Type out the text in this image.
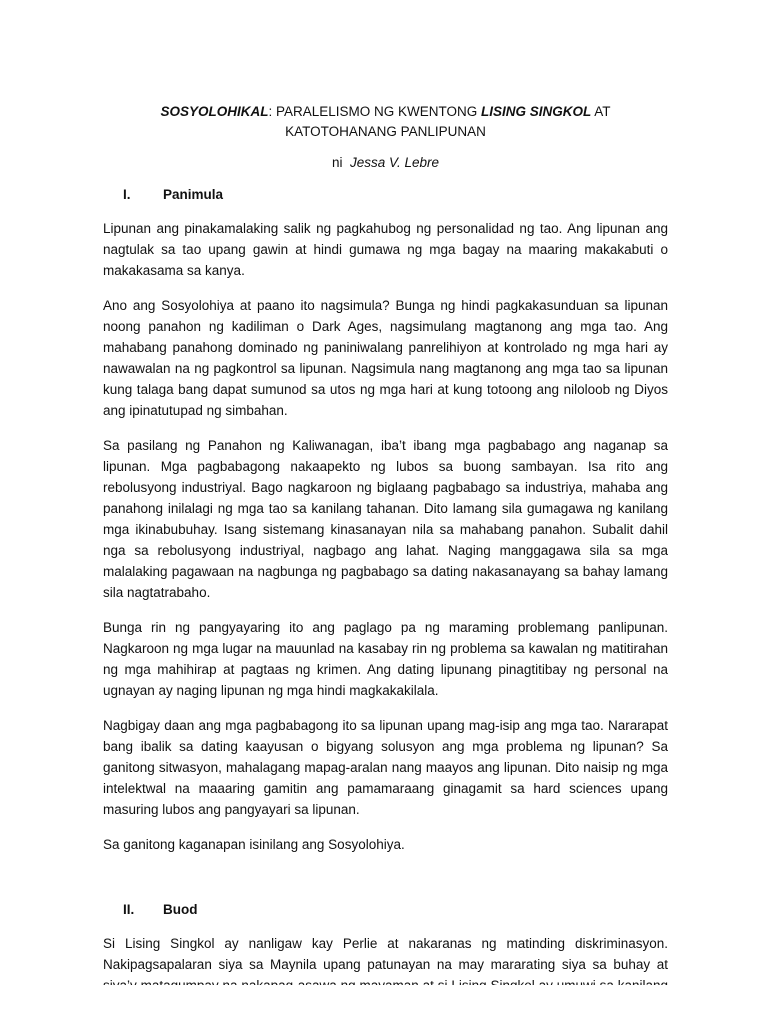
SOSYOLOHIKAL: PARALELISMO NG KWENTONG LISING SINGKOL AT KATOTOHANANG PANLIPUNAN

ni  Jessa V. Lebre

I.	Panimula

Lipunan ang pinakamalaking salik ng pagkahubog ng personalidad ng tao. Ang lipunan ang nagtulak sa tao upang gawin at hindi gumawa ng mga bagay na maaring makakabuti o makakasama sa kanya.

Ano ang Sosyolohiya at paano ito nagsimula? Bunga ng hindi pagkakasunduan sa lipunan noong panahon ng kadiliman o Dark Ages, nagsimulang magtanong ang mga tao. Ang mahabang panahong dominado ng paniniwalang panrelihiyon at kontrolado ng mga hari ay nawawalan na ng pagkontrol sa lipunan. Nagsimula nang magtanong ang mga tao sa lipunan kung talaga bang dapat sumunod sa utos ng mga hari at kung totoong ang niloloob ng Diyos ang ipinatutupad ng simbahan.

Sa pasilang ng Panahon ng Kaliwanagan, iba’t ibang mga pagbabago ang naganap sa lipunan. Mga pagbabagong nakaapekto ng lubos sa buong sambayan. Isa rito ang rebolusyong industriyal. Bago nagkaroon ng biglaang pagbabago sa industriya, mahaba ang panahong inilalagi ng mga tao sa kanilang tahanan. Dito lamang sila gumagawa ng kanilang mga ikinabubuhay. Isang sistemang kinasanayan nila sa mahabang panahon. Subalit dahil nga sa rebolusyong industriyal, nagbago ang lahat. Naging manggagawa sila sa mga malalaking pagawaan na nagbunga ng pagbabago sa dating nakasanayang sa bahay lamang sila nagtatrabaho.

Bunga rin ng pangyayaring ito ang paglago pa ng maraming problemang panlipunan. Nagkaroon ng mga lugar na mauunlad na kasabay rin ng problema sa kawalan ng matitirahan ng mga mahihirap at pagtaas ng krimen. Ang dating lipunang pinagtitibay ng personal na ugnayan ay naging lipunan ng mga hindi magkakakilala.

Nagbigay daan ang mga pagbabagong ito sa lipunan upang mag-isip ang mga tao. Nararapat bang ibalik sa dating kaayusan o bigyang solusyon ang mga problema ng lipunan? Sa ganitong sitwasyon, mahalagang mapag-aralan nang maayos ang lipunan. Dito naisip ng mga intelektwal na maaaring gamitin ang pamamaraang ginagamit sa hard sciences upang masuring lubos ang pangyayari sa lipunan.

Sa ganitong kaganapan isinilang ang Sosyolohiya.

II.	Buod

Si Lising Singkol ay nanligaw kay Perlie at nakaranas ng matinding diskriminasyon. Nakipagsapalaran siya sa Maynila upang patunayan na may mararating siya sa buhay at
